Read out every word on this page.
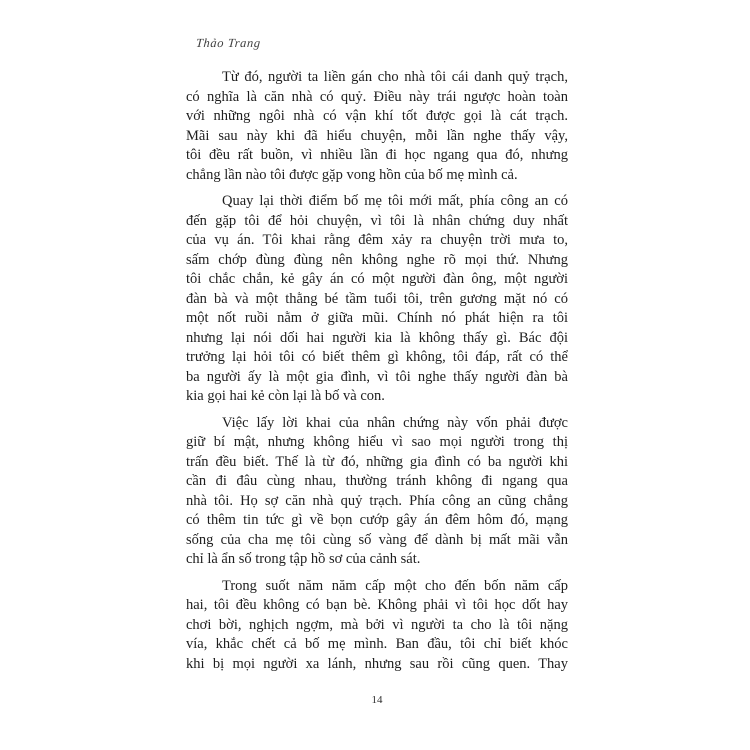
Thảo Trang
Từ đó, người ta liền gán cho nhà tôi cái danh quỷ trạch,
có nghĩa là căn nhà có quỷ. Điều này trái ngược hoàn toàn
với những ngôi nhà có vận khí tốt được gọi là cát trạch.
Mãi sau này khi đã hiểu chuyện, mỗi lần nghe thấy vậy,
tôi đều rất buồn, vì nhiều lần đi học ngang qua đó, nhưng
chẳng lần nào tôi được gặp vong hồn của bố mẹ mình cả.
Quay lại thời điểm bố mẹ tôi mới mất, phía công an có
đến gặp tôi để hỏi chuyện, vì tôi là nhân chứng duy nhất
của vụ án. Tôi khai rằng đêm xảy ra chuyện trời mưa to,
sấm chớp đùng đùng nên không nghe rõ mọi thứ. Nhưng
tôi chắc chắn, kẻ gây án có một người đàn ông, một người
đàn bà và một thằng bé tầm tuổi tôi, trên gương mặt nó có
một nốt ruồi nằm ở giữa mũi. Chính nó phát hiện ra tôi
nhưng lại nói dối hai người kia là không thấy gì. Bác đội
trưởng lại hỏi tôi có biết thêm gì không, tôi đáp, rất có thể
ba người ấy là một gia đình, vì tôi nghe thấy người đàn bà
kia gọi hai kẻ còn lại là bố và con.
Việc lấy lời khai của nhân chứng này vốn phải được
giữ bí mật, nhưng không hiểu vì sao mọi người trong thị
trấn đều biết. Thế là từ đó, những gia đình có ba người khi
cần đi đâu cùng nhau, thường tránh không đi ngang qua
nhà tôi. Họ sợ căn nhà quỷ trạch. Phía công an cũng chẳng
có thêm tin tức gì về bọn cướp gây án đêm hôm đó, mạng
sống của cha mẹ tôi cùng số vàng để dành bị mất mãi vẫn
chỉ là ẩn số trong tập hồ sơ của cảnh sát.
Trong suốt năm năm cấp một cho đến bốn năm cấp
hai, tôi đều không có bạn bè. Không phải vì tôi học dốt hay
chơi bời, nghịch ngợm, mà bởi vì người ta cho là tôi nặng
vía, khắc chết cả bố mẹ mình. Ban đầu, tôi chỉ biết khóc
khi bị mọi người xa lánh, nhưng sau rồi cũng quen. Thay
14
